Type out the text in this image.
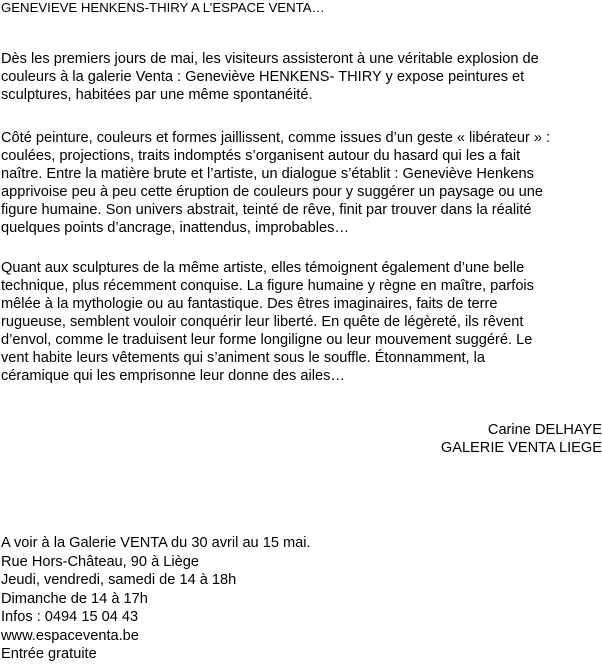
GENEVIEVE HENKENS-THIRY A L’ESPACE VENTA…
Dès les premiers jours de mai, les visiteurs assisteront à une véritable explosion de
couleurs à la galerie Venta : Geneviève HENKENS- THIRY y expose peintures et
sculptures, habitées par une même spontanéité.
Côté peinture, couleurs et formes jaillissent, comme issues d’un geste « libérateur » :
coulées, projections, traits indomptés s’organisent autour du hasard qui les a fait
naître. Entre la matière brute et l’artiste, un dialogue s’établit : Geneviève Henkens
apprivoise peu à peu cette éruption de couleurs pour y suggérer un paysage ou une
figure humaine. Son univers abstrait, teinté de rêve, finit par trouver dans la réalité
quelques points d’ancrage, inattendus, improbables…
Quant aux sculptures de la même artiste, elles témoignent également d’une belle
technique, plus récemment conquise. La figure humaine y règne en maître, parfois
mêlée à la mythologie ou au fantastique. Des êtres imaginaires, faits de terre
rugueuse, semblent vouloir conquérir leur liberté. En quête de légèreté, ils rêvent
d’envol, comme le traduisent leur forme longiligne ou leur mouvement suggéré. Le
vent habite leurs vêtements qui s’animent sous le souffle. Étonnamment, la
céramique qui les emprisonne leur donne des ailes…
Carine DELHAYE
GALERIE VENTA LIEGE
A voir à la Galerie VENTA du 30 avril au 15 mai.
Rue Hors-Château, 90 à Liège
Jeudi, vendredi, samedi de 14 à 18h
Dimanche de 14 à 17h
Infos : 0494 15 04 43
www.espaceventa.be
Entrée gratuite
